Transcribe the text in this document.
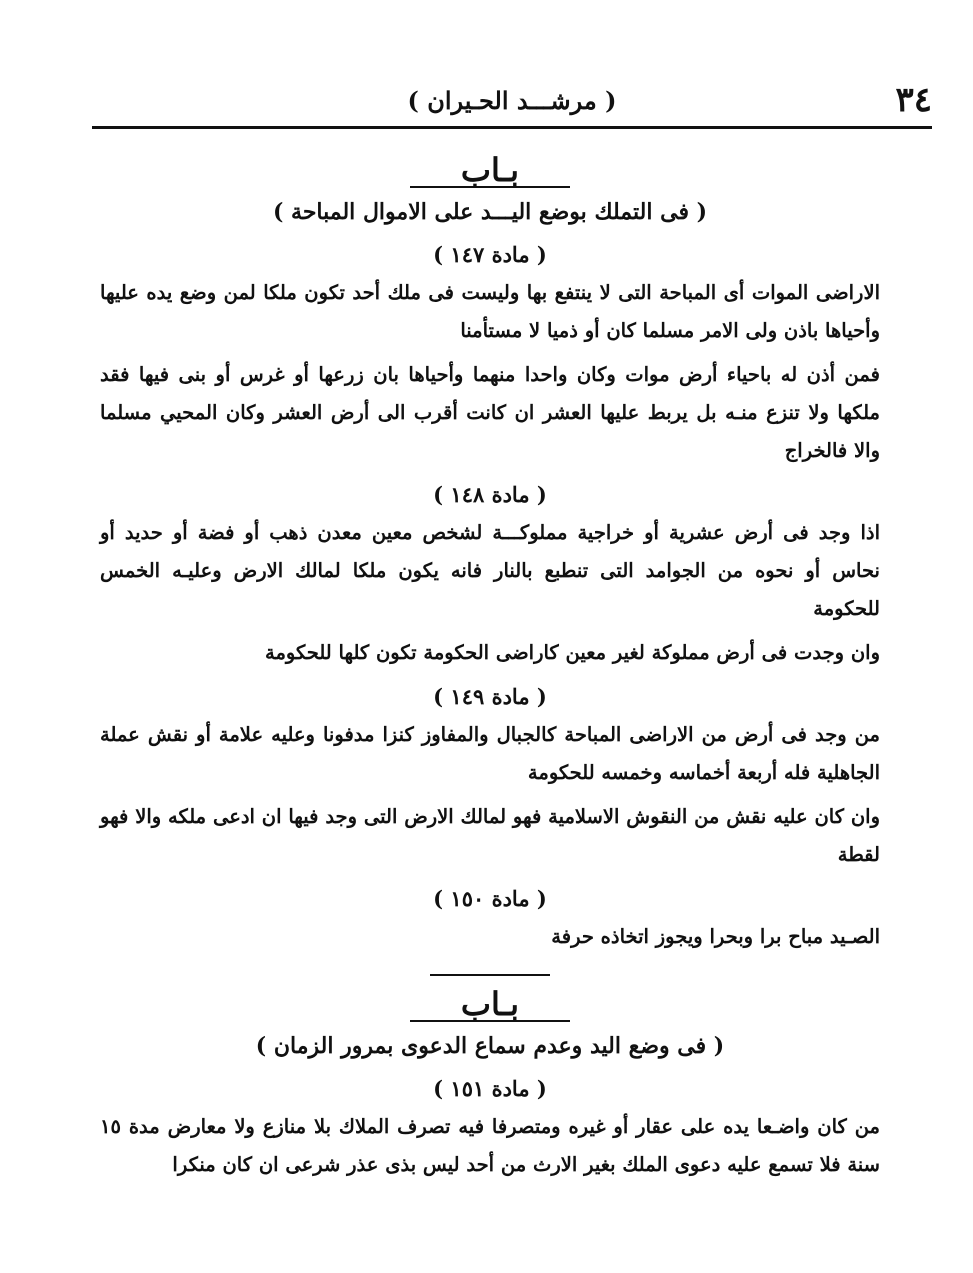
٣٤
( مرشـــد الحـيران )

بـاب

( فى التملك بوضع اليـــد على الاموال المباحة )

( مادة ١٤٧ )

الاراضى الموات أى المباحة التى لا ينتفع بها وليست فى ملك أحد تكون ملكا لمن وضع يده عليها وأحياها باذن ولى الامر مسلما كان أو ذميا لا مستأمنا

فمن أذن له باحياء أرض موات وكان واحدا منهما وأحياها بان زرعها أو غرس أو بنى فيها فقد ملكها ولا تنزع منـه بل يربط عليها العشر ان كانت أقرب الى أرض العشر وكان المحيي مسلما والا فالخراج

( مادة ١٤٨ )

اذا وجد فى أرض عشرية أو خراجية مملوكـــة لشخص معين معدن ذهب أو فضة أو حديد أو نحاس أو نحوه من الجوامد التى تنطبع بالنار فانه يكون ملكا لمالك الارض وعليـه الخمس للحكومة

وان وجدت فى أرض مملوكة لغير معين كاراضى الحكومة تكون كلها للحكومة

( مادة ١٤٩ )

من وجد فى أرض من الاراضى المباحة كالجبال والمفاوز كنزا مدفونا وعليه علامة أو نقش عملة الجاهلية فله أربعة أخماسه وخمسه للحكومة

وان كان عليه نقش من النقوش الاسلامية فهو لمالك الارض التى وجد فيها ان ادعى ملكه والا فهو لقطة

( مادة ١٥٠ )

الصـيد مباح برا وبحرا ويجوز اتخاذه حرفة

بـاب

( فى وضع اليد وعدم سماع الدعوى بمرور الزمان )

( مادة ١٥١ )

من كان واضـعا يده على عقار أو غيره ومتصرفا فيه تصرف الملاك بلا منازع ولا معارض مدة ١٥ سنة فلا تسمع عليه دعوى الملك بغير الارث من أحد ليس بذى عذر شرعى ان كان منكرا
